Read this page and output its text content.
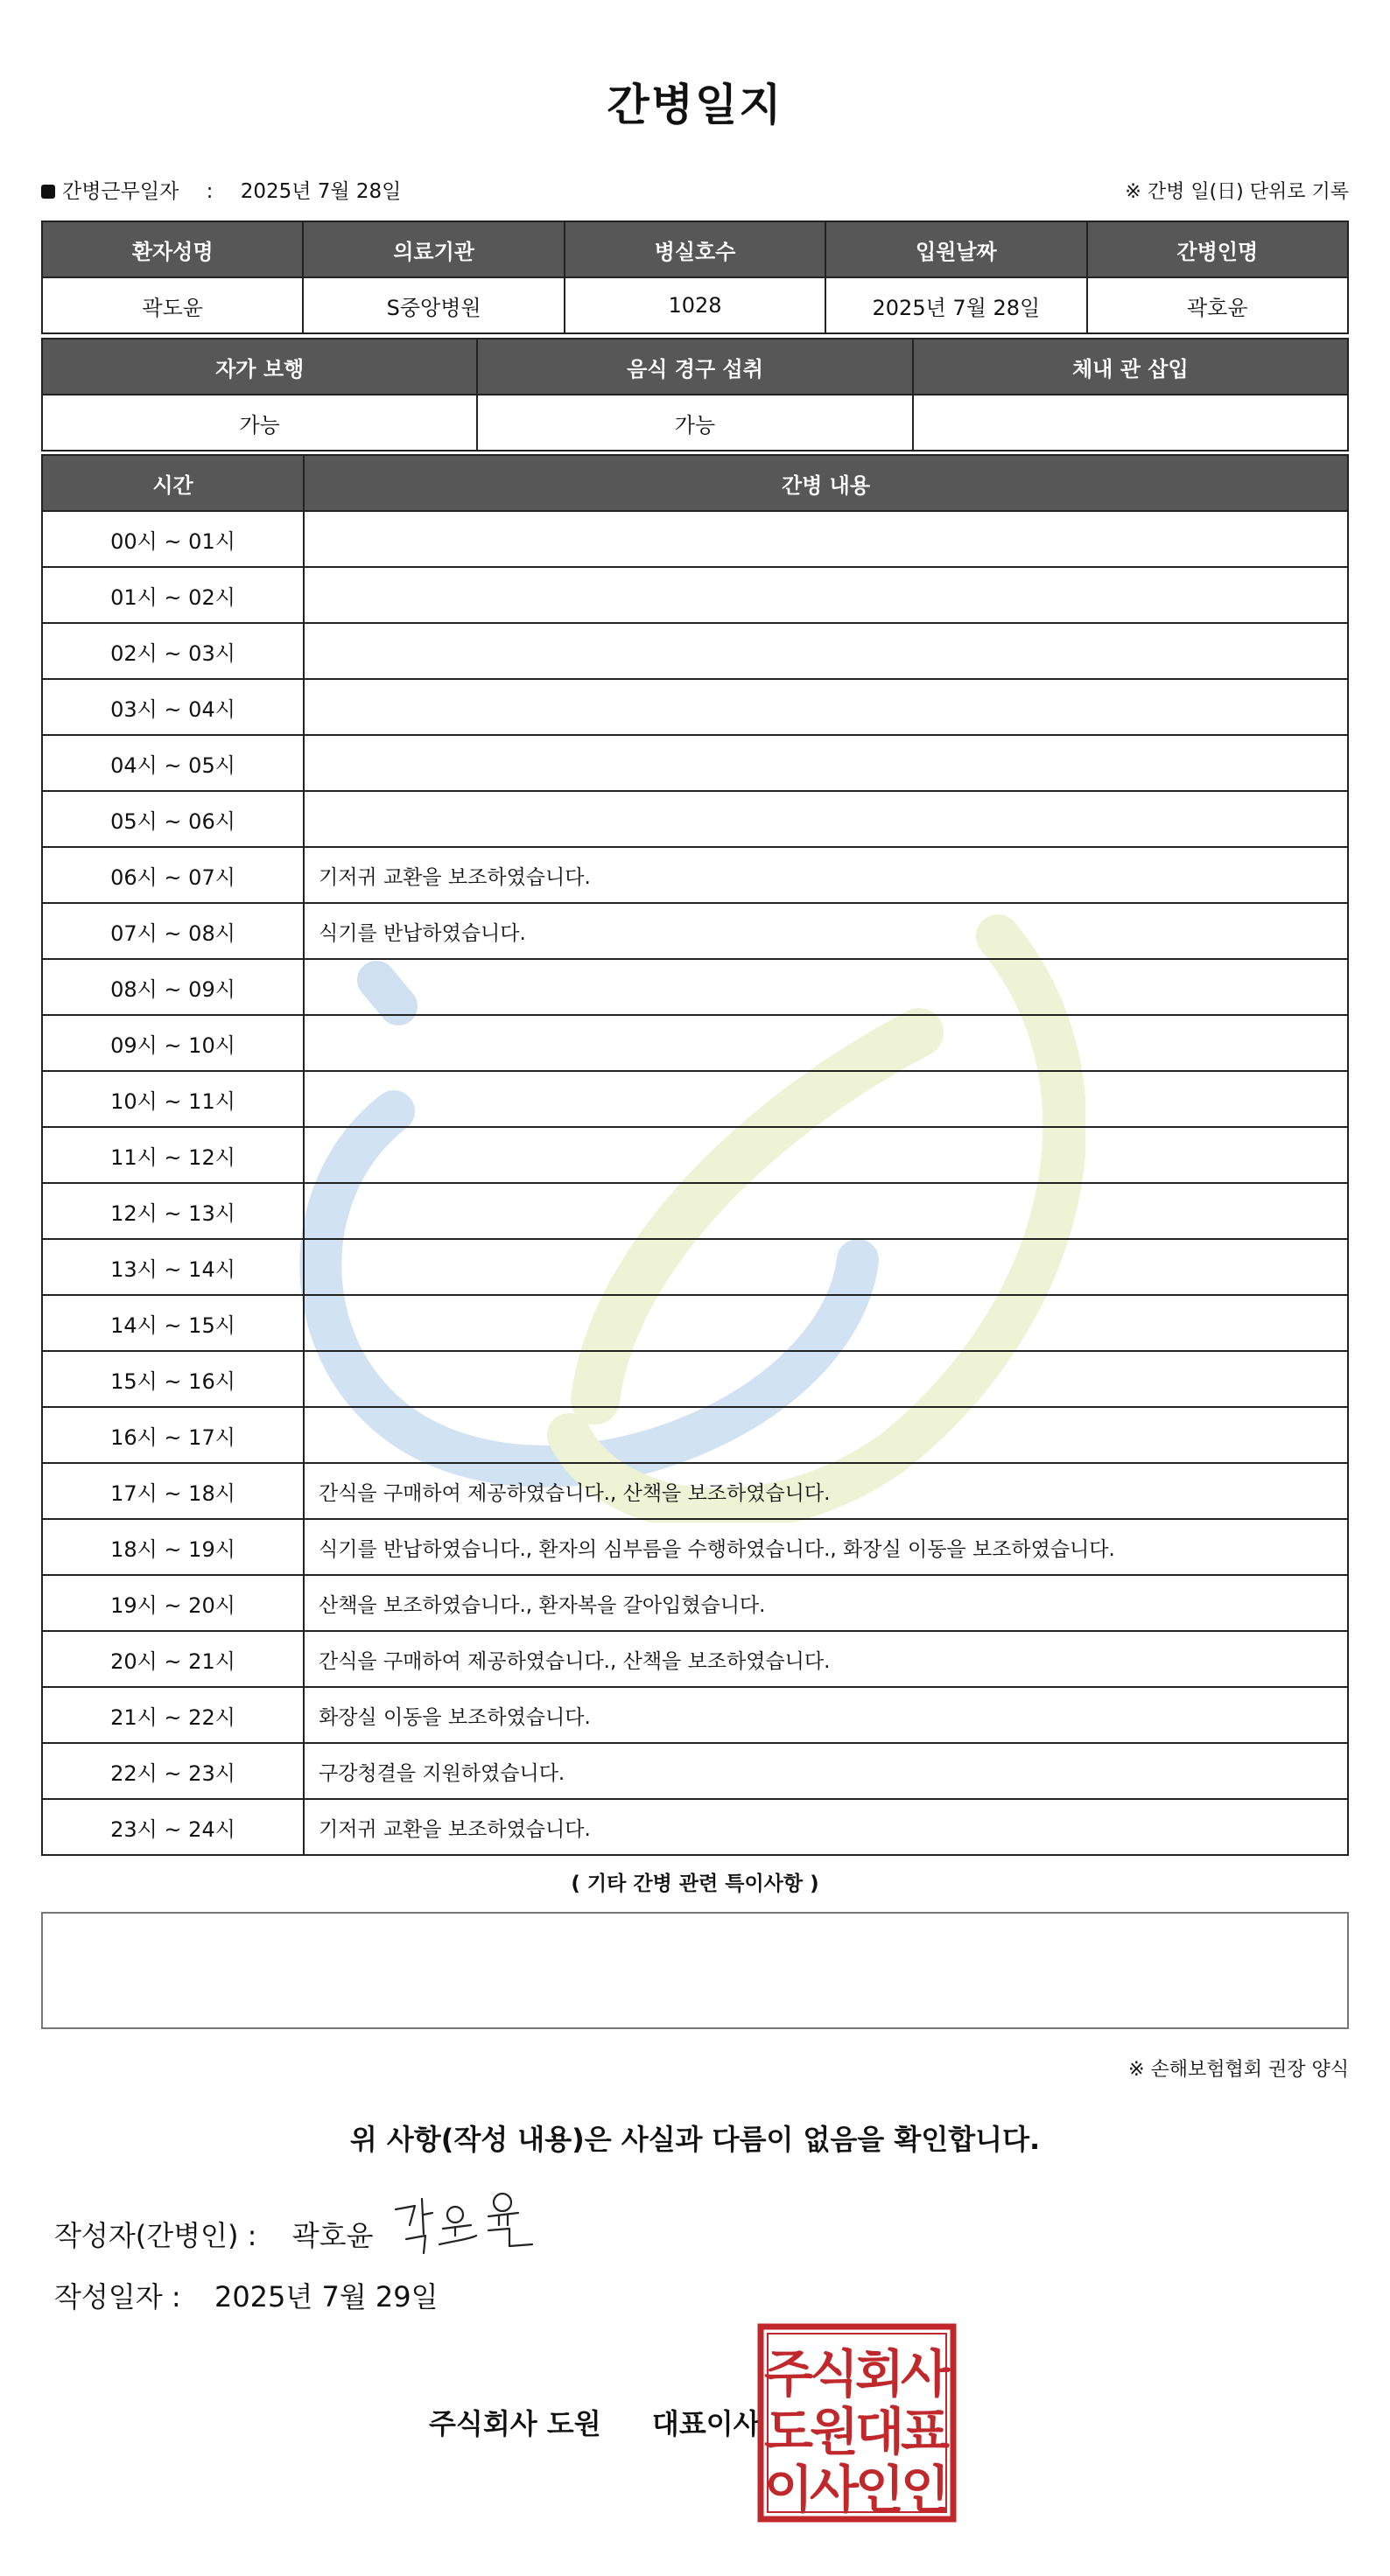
간병일지
간병근무일자 : 2025년 7월 28일	※ 간병 일(日) 단위로 기록
환자성명	의료기관	병실호수	입원날짜	간병인명
곽도윤	S중앙병원	1028	2025년 7월 28일	곽호윤
자가 보행	음식 경구 섭취	체내 관 삽입
가능	가능	
시간	간병 내용
00시 ~ 01시	
01시 ~ 02시	
02시 ~ 03시	
03시 ~ 04시	
04시 ~ 05시	
05시 ~ 06시	
06시 ~ 07시	기저귀 교환을 보조하였습니다.
07시 ~ 08시	식기를 반납하였습니다.
08시 ~ 09시	
09시 ~ 10시	
10시 ~ 11시	
11시 ~ 12시	
12시 ~ 13시	
13시 ~ 14시	
14시 ~ 15시	
15시 ~ 16시	
16시 ~ 17시	
17시 ~ 18시	간식을 구매하여 제공하였습니다., 산책을 보조하였습니다.
18시 ~ 19시	식기를 반납하였습니다., 환자의 심부름을 수행하였습니다., 화장실 이동을 보조하였습니다.
19시 ~ 20시	산책을 보조하였습니다., 환자복을 갈아입혔습니다.
20시 ~ 21시	간식을 구매하여 제공하였습니다., 산책을 보조하였습니다.
21시 ~ 22시	화장실 이동을 보조하였습니다.
22시 ~ 23시	구강청결을 지원하였습니다.
23시 ~ 24시	기저귀 교환을 보조하였습니다.
( 기타 간병 관련 특이사항 )
※ 손해보험협회 권장 양식
위 사항(작성 내용)은 사실과 다름이 없음을 확인합니다.
작성자(간병인) : 곽호윤
작성일자 : 2025년 7월 29일
주식회사 도원 대표이사
주
식
회
사
도
원
대
표
이
사
인
인
